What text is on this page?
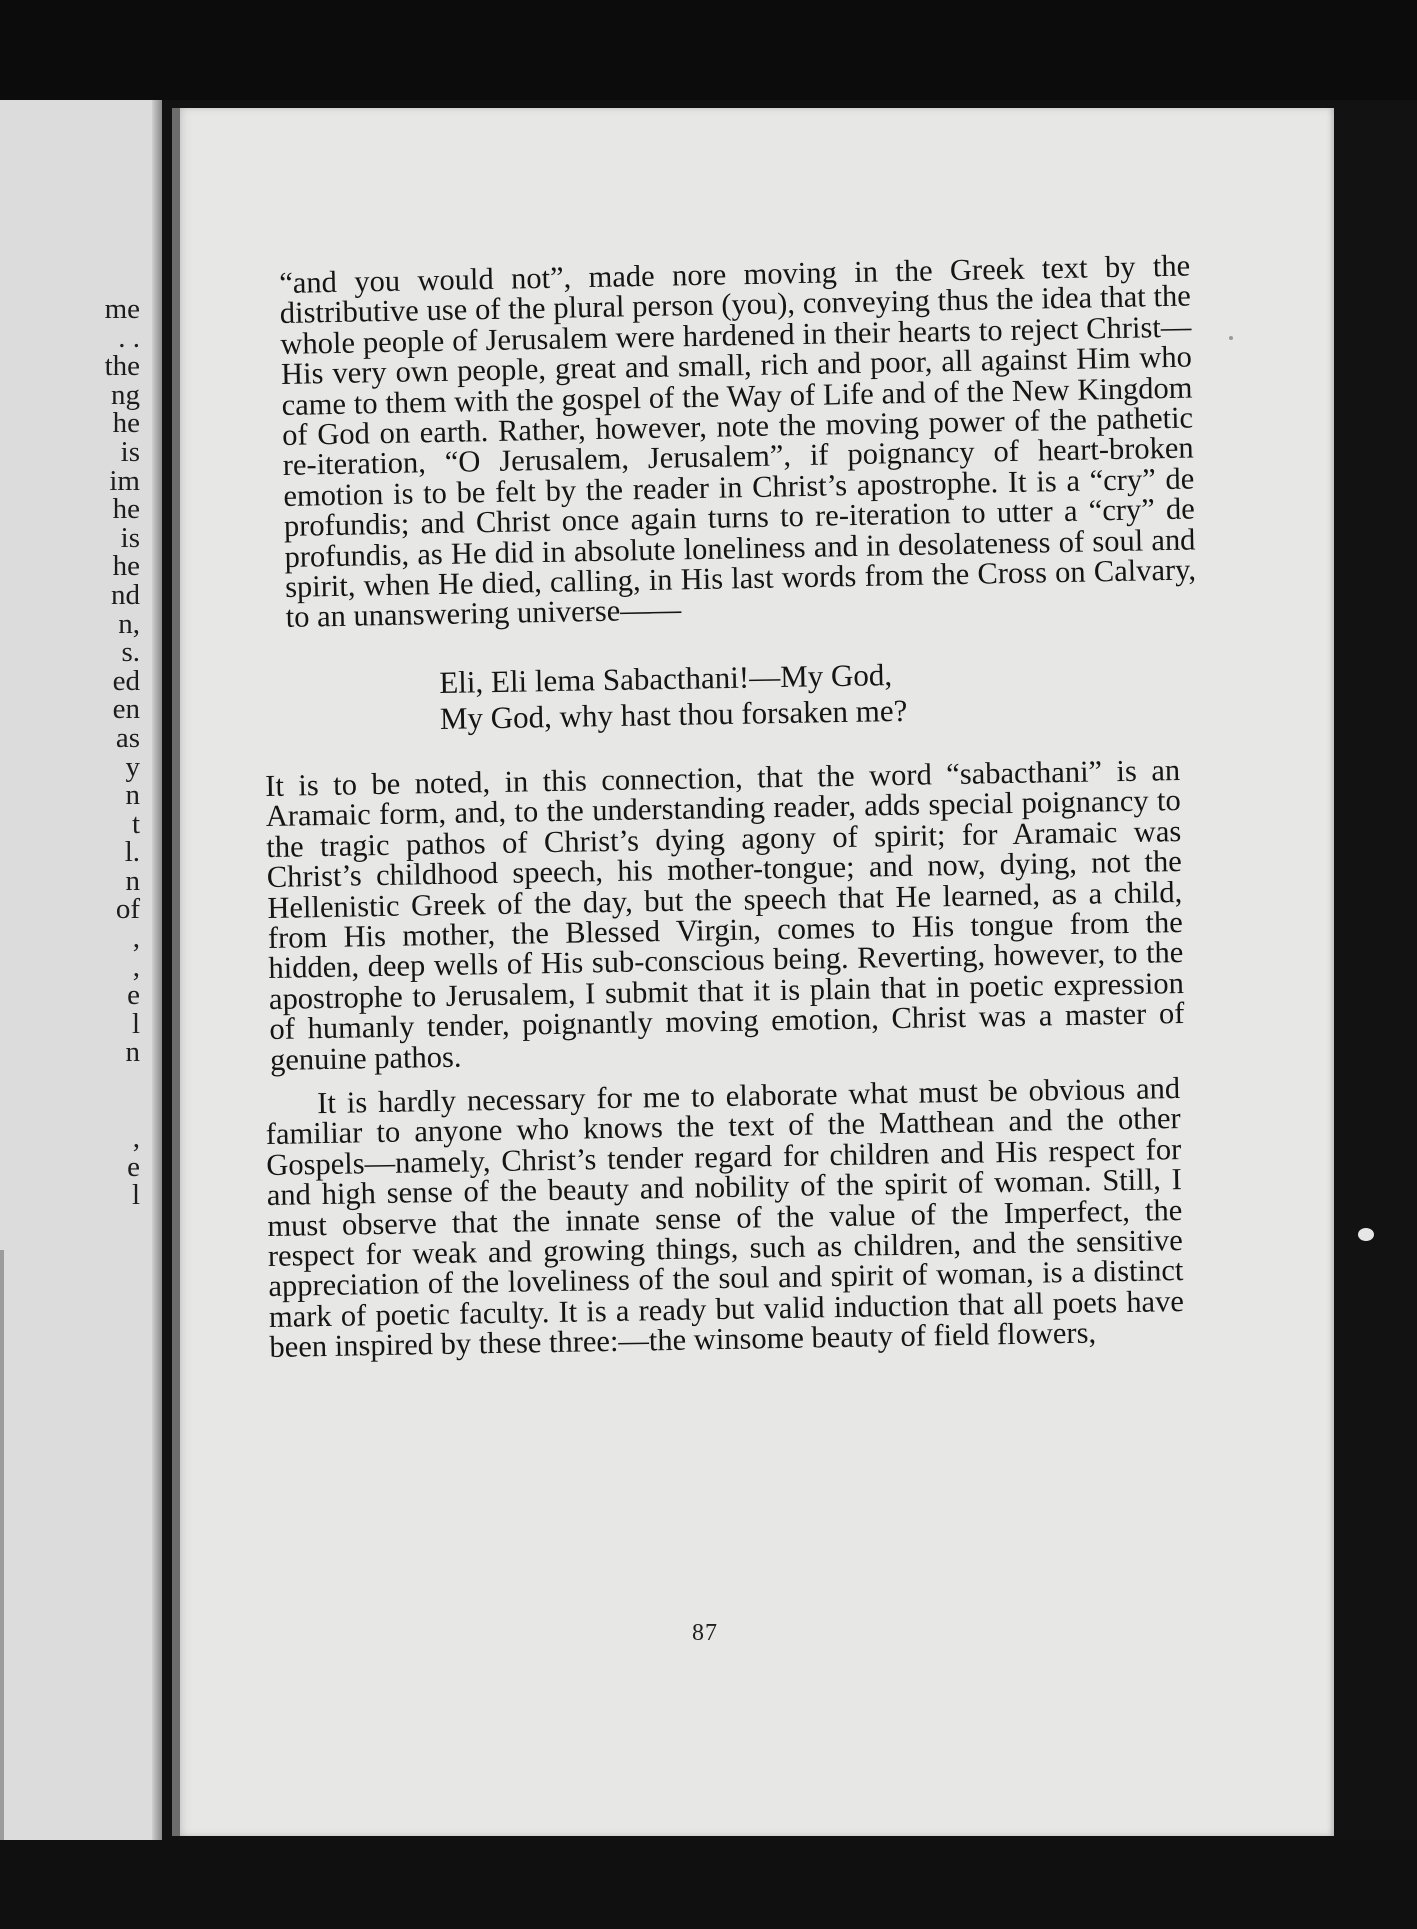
me
. .
the
ng
he
is
im
he
is
he
nd
n,
s.
ed
en
as
y
n
t
l.
n
of
,
,
e
l
n
,
e
l

“and you would not”, made nore moving in the Greek text by the distributive use of the plural person (you), conveying thus the idea that the whole people of Jerusalem were hardened in their hearts to reject Christ—His very own people, great and small, rich and poor, all against Him who came to them with the gospel of the Way of Life and of the New Kingdom of God on earth. Rather, however, note the moving power of the pathetic re-iteration, “O Jerusalem, Jerusalem”, if poignancy of heart-broken emotion is to be felt by the reader in Christ’s apostrophe. It is a “cry” de profundis; and Christ once again turns to re-iteration to utter a “cry” de profundis, as He did in absolute loneliness and in desolateness of soul and spirit, when He died, calling, in His last words from the Cross on Calvary, to an unanswering universe——

Eli, Eli lema Sabacthani!—My God,
My God, why hast thou forsaken me?

It is to be noted, in this connection, that the word “sabacthani” is an Aramaic form, and, to the understanding reader, adds special poignancy to the tragic pathos of Christ’s dying agony of spirit; for Aramaic was Christ’s childhood speech, his mother-tongue; and now, dying, not the Hellenistic Greek of the day, but the speech that He learned, as a child, from His mother, the Blessed Virgin, comes to His tongue from the hidden, deep wells of His sub-conscious being. Reverting, however, to the apostrophe to Jerusalem, I submit that it is plain that in poetic expression of humanly tender, poignantly moving emotion, Christ was a master of genuine pathos.

It is hardly necessary for me to elaborate what must be obvious and familiar to anyone who knows the text of the Matthean and the other Gospels—namely, Christ’s tender regard for children and His respect for and high sense of the beauty and nobility of the spirit of woman. Still, I must observe that the innate sense of the value of the Imperfect, the respect for weak and growing things, such as children, and the sensitive appreciation of the loveliness of the soul and spirit of woman, is a distinct mark of poetic faculty. It is a ready but valid induction that all poets have been inspired by these three:—the winsome beauty of field flowers,

87
